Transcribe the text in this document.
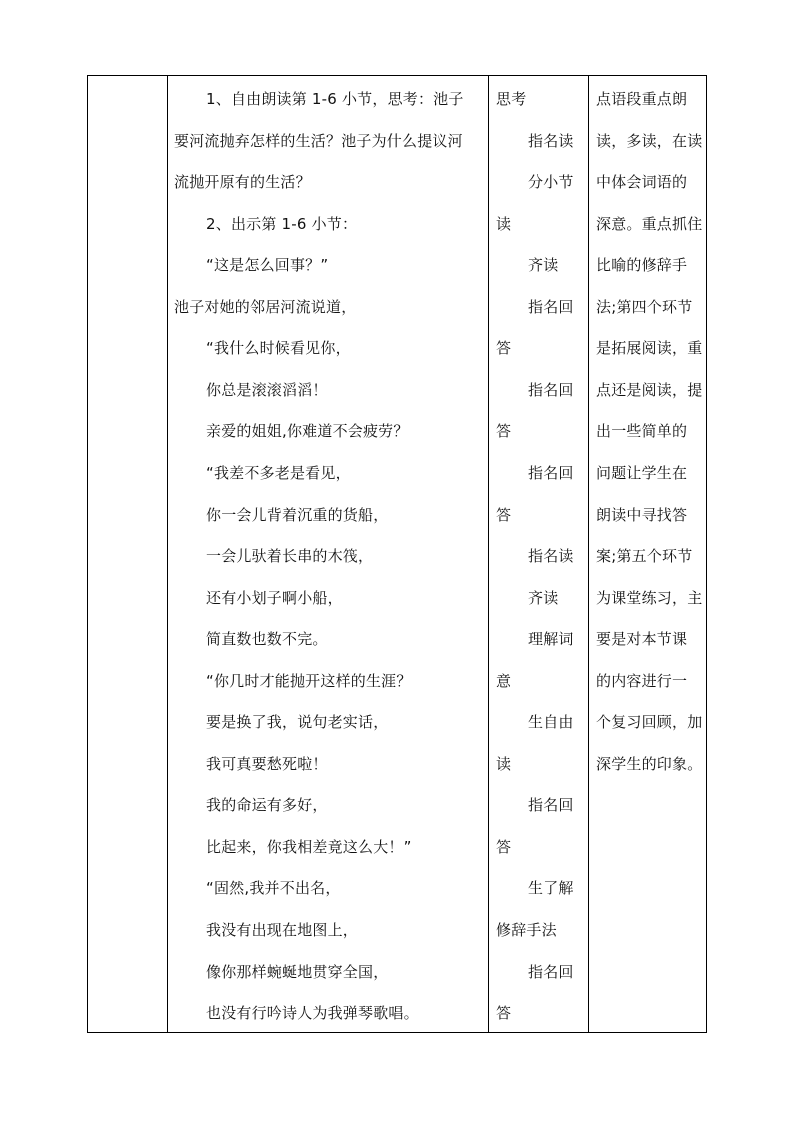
1、自由朗读第 1-6 小节，思考：池子
要河流抛弃怎样的生活？池子为什么提议河
流抛开原有的生活？
2、出示第 1-6 小节：
“这是怎么回事？”
池子对她的邻居河流说道，
“我什么时候看见你，
你总是滚滚滔滔！
亲爱的姐姐,你难道不会疲劳？
“我差不多老是看见，
你一会儿背着沉重的货船，
一会儿驮着长串的木筏，
还有小划子啊小船，
简直数也数不完。
“你几时才能抛开这样的生涯？
要是换了我，说句老实话，
我可真要愁死啦！
我的命运有多好，
比起来，你我相差竟这么大！”
“固然,我并不出名，
我没有出现在地图上，
像你那样蜿蜒地贯穿全国，
也没有行吟诗人为我弹琴歌唱。
思考
指名读
分小节
读
齐读
指名回
答
指名回
答
指名回
答
指名读
齐读
理解词
意
生自由
读
指名回
答
生了解
修辞手法
指名回
答
点语段重点朗
读，多读，在读
中体会词语的
深意。重点抓住
比喻的修辞手
法;第四个环节
是拓展阅读，重
点还是阅读，提
出一些简单的
问题让学生在
朗读中寻找答
案;第五个环节
为课堂练习，主
要是对本节课
的内容进行一
个复习回顾，加
深学生的印象。
